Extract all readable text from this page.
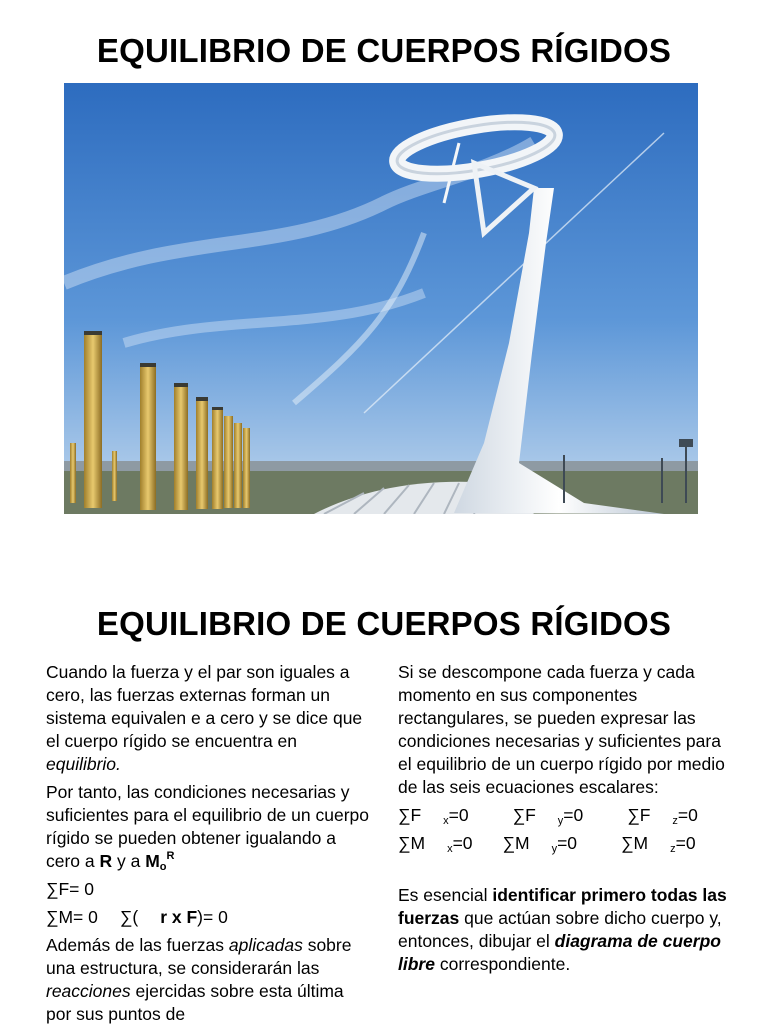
EQUILIBRIO DE CUERPOS RÍGIDOS
EQUILIBRIO DE CUERPOS RÍGIDOS

Cuando la fuerza y el par son iguales a cero, las fuerzas externas forman un sistema equivalen e a cero y se dice que el cuerpo rígido se encuentra en equilibrio.

Por tanto, las condiciones necesarias y suficientes para el equilibrio de un cuerpo rígido se pueden obtener igualando a cero a R y a $M_o^R$

∑F= 0

∑M= 0 ∑( r x F)= 0

Además de las fuerzas aplicadas sobre una estructura, se considerarán las reacciones ejercidas sobre esta última por sus puntos de

Si se descompone cada fuerza y cada momento en sus componentes rectangulares, se pueden expresar las condiciones necesarias y suficientes para el equilibrio de un cuerpo rígido por medio de las seis ecuaciones escalares:

∑F $_x$=0	∑F $_y$=0	∑F $_z$=0

∑M $_x$=0 ∑M $_y$=0	∑M $_z$=0

Es esencial identificar primero todas las fuerzas que actúan sobre dicho cuerpo y, entonces, dibujar el diagrama de cuerpo libre correspondiente.
